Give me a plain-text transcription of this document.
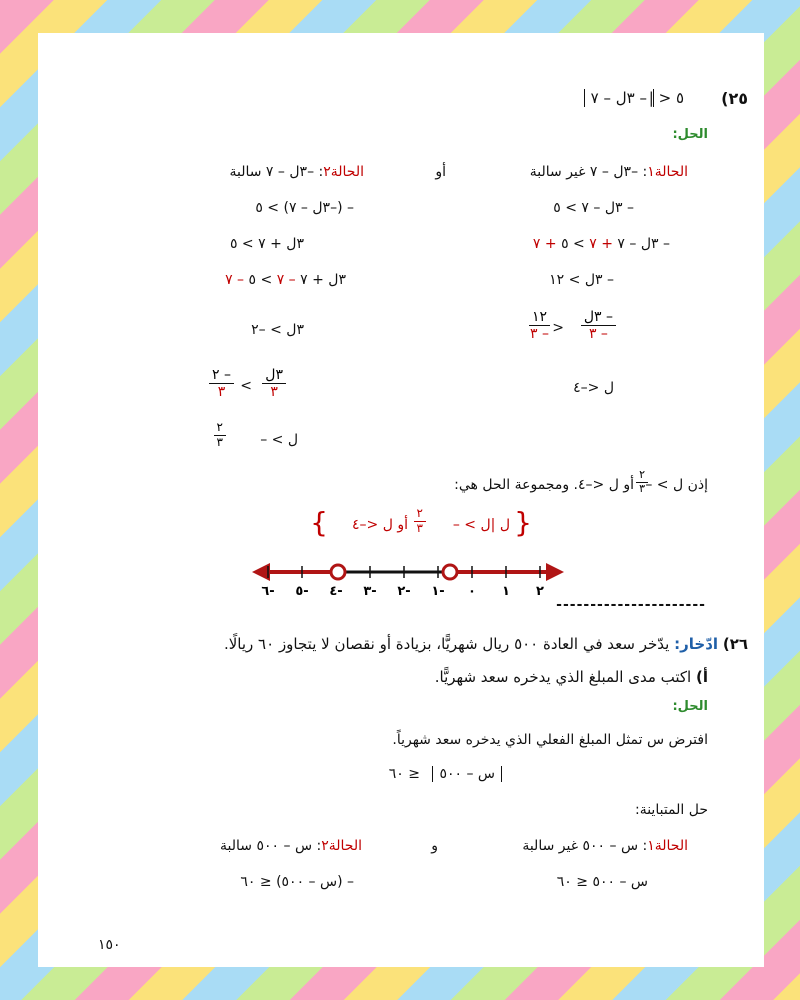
٢٥)
| > ٥
– ٣ل – ٧
الحل:
الحالة١: –٣ل – ٧ غير سالبة
أو
الحالة٢: –٣ل – ٧ سالبة
– ٣ل – ٧ > ٥
– ٣ل – ٧ + ٧ > ٥ + ٧
– ٣ل > ١٢
– ٣ل
– ٣
>
١٢
– ٣
ل <–٤
– (–٣ل – ٧) > ٥
٣ل + ٧ > ٥
٣ل + ٧ – ٧ > ٥ – ٧
٣ل > –٢
٣ل
٣
<
– ٢
٣
ل > –
٢
٣
إذن ل > –
٢
٣
أو ل <–٤. ومجموعة الحل هي:
{
ل |ل > –
٢
٣
أو ل <–٤
}
٦- ٥- ٤- ٣- ٢- ١- ٠ ١ ٢
----------------------
٢٦) ادّخار: يدّخر سعد في العادة ٥٠٠ ريال شهريًّا، بزيادة أو نقصان لا يتجاوز ٦٠ ريالًا.
أ) اكتب مدى المبلغ الذي يدخره سعد شهريًّا.
الحل:
افترض س تمثل المبلغ الفعلي الذي يدخره سعد شهرياً.
س – ٥٠٠
≤ ٦٠
حل المتباينة:
الحالة١: س – ٥٠٠ غير سالبة
و
الحالة٢: س – ٥٠٠ سالبة
س – ٥٠٠ ≤ ٦٠
– (س – ٥٠٠) ≤ ٦٠
١٥٠
